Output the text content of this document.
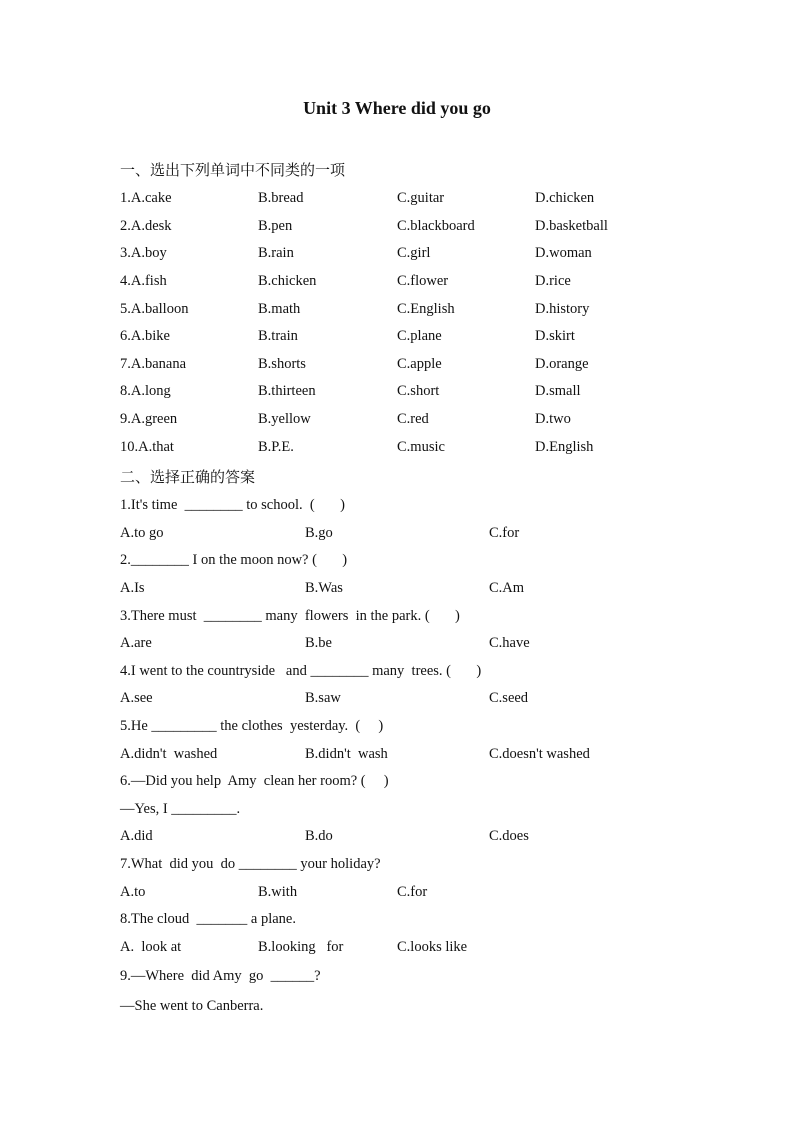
Unit 3 Where did you go
一、选出下列单词中不同类的一项
1.A.cake	B.bread	C.guitar	D.chicken
2.A.desk	B.pen	C.blackboard	D.basketball
3.A.boy	B.rain	C.girl	D.woman
4.A.fish	B.chicken	C.flower	D.rice
5.A.balloon	B.math	C.English	D.history
6.A.bike	B.train	C.plane	D.skirt
7.A.banana	B.shorts	C.apple	D.orange
8.A.long	B.thirteen	C.short	D.small
9.A.green	B.yellow	C.red	D.two
10.A.that	B.P.E.	C.music	D.English
二、选择正确的答案
1.It's time  ________ to school.  (       )
A.to go	B.go	C.for
2.________ I on the moon now? (       )
A.Is	B.Was	C.Am
3.There must  ________ many  flowers  in the park. (       )
A.are	B.be	C.have
4.I went to the countryside   and ________ many  trees. (       )
A.see	B.saw	C.seed
5.He _________ the clothes  yesterday.  (     )
A.didn't  washed	B.didn't  wash	C.doesn't washed
6.—Did you help  Amy  clean her room? (     )
—Yes, I _________.
A.did	B.do	C.does
7.What  did you  do ________ your holiday?
A.to	B.with	C.for
8.The cloud  _______ a plane.
A.  look at	B.looking   for	C.looks like
9.—Where  did Amy  go  ______?
—She went to Canberra.
